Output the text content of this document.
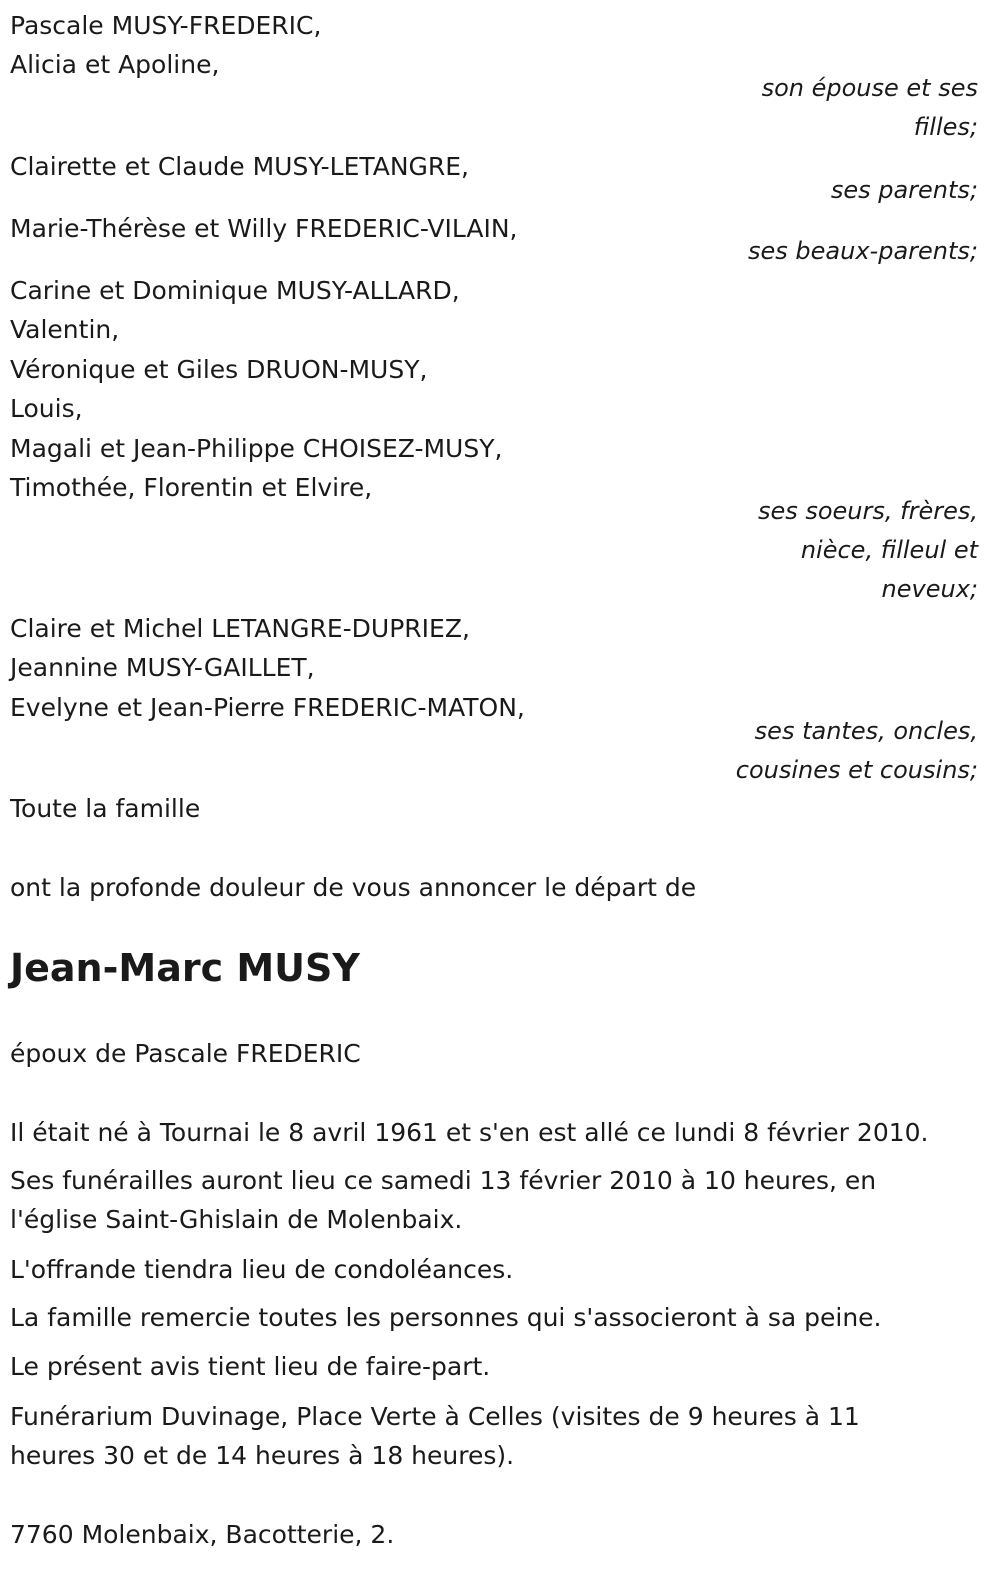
Pascale MUSY-FREDERIC,
Alicia et Apoline,
son épouse et ses
filles;
Clairette et Claude MUSY-LETANGRE,
ses parents;
Marie-Thérèse et Willy FREDERIC-VILAIN,
ses beaux-parents;
Carine et Dominique MUSY-ALLARD,
Valentin,
Véronique et Giles DRUON-MUSY,
Louis,
Magali et Jean-Philippe CHOISEZ-MUSY,
Timothée, Florentin et Elvire,
ses soeurs, frères,
nièce, filleul et
neveux;
Claire et Michel LETANGRE-DUPRIEZ,
Jeannine MUSY-GAILLET,
Evelyne et Jean-Pierre FREDERIC-MATON,
ses tantes, oncles,
cousines et cousins;
Toute la famille
ont la profonde douleur de vous annoncer le départ de
Jean-Marc MUSY
époux de Pascale FREDERIC
Il était né à Tournai le 8 avril 1961 et s'en est allé ce lundi 8 février 2010.
Ses funérailles auront lieu ce samedi 13 février 2010 à 10 heures, en
l'église Saint-Ghislain de Molenbaix.
L'offrande tiendra lieu de condoléances.
La famille remercie toutes les personnes qui s'associeront à sa peine.
Le présent avis tient lieu de faire-part.
Funérarium Duvinage, Place Verte à Celles (visites de 9 heures à 11
heures 30 et de 14 heures à 18 heures).
7760 Molenbaix, Bacotterie, 2.
